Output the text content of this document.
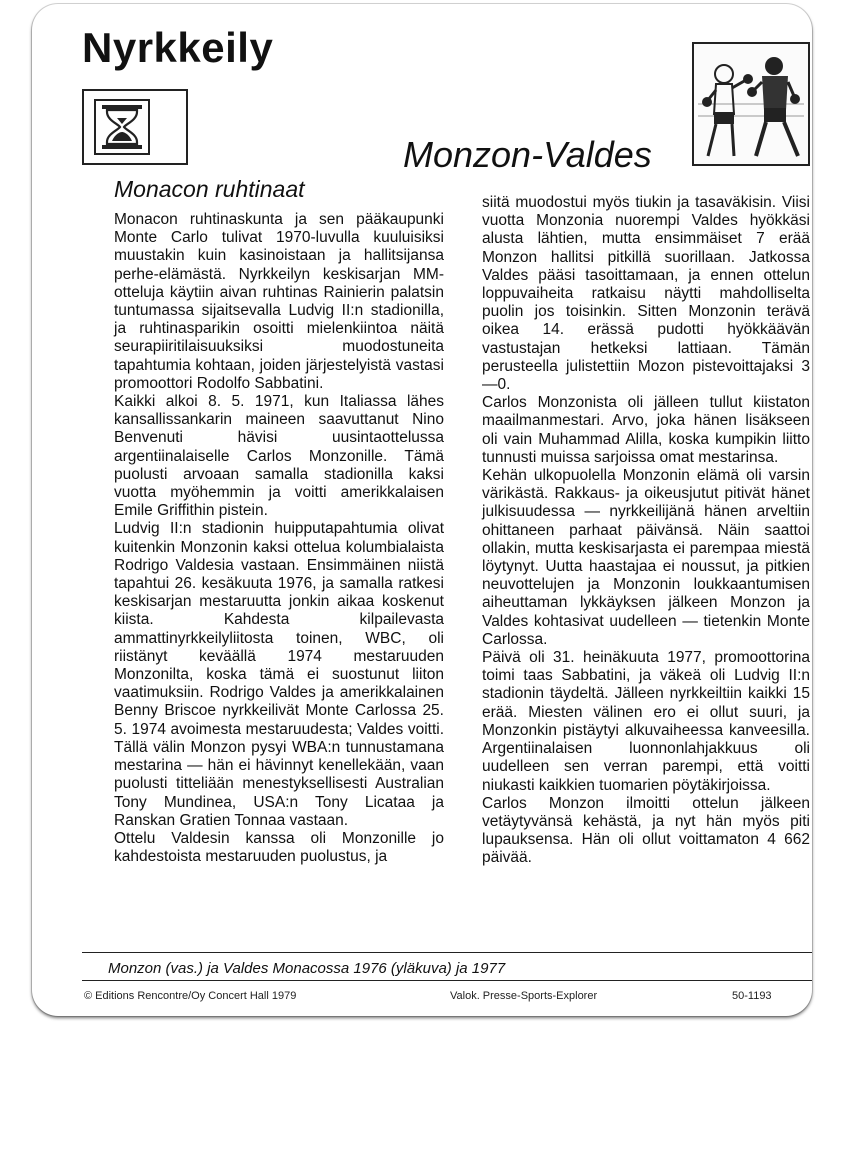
Nyrkkeily
Monzon-Valdes
Monacon ruhtinaat

Monacon ruhtinaskunta ja sen pääkaupunki Monte Carlo tulivat 1970-luvulla kuuluisiksi muustakin kuin kasinoistaan ja hallitsijansa perhe-elämästä. Nyrkkeilyn keskisarjan MM-otteluja käytiin aivan ruhtinas Rainierin palatsin tuntumassa sijaitsevalla Ludvig II:n stadionilla, ja ruhtinasparikin osoitti mielenkiintoa näitä seurapiiritilaisuuksiksi muodostuneita tapahtumia kohtaan, joiden järjestelyistä vastasi promoottori Rodolfo Sabbatini.

Kaikki alkoi 8. 5. 1971, kun Italiassa lähes kansallissankarin maineen saavuttanut Nino Benvenuti hävisi uusintaottelussa argentiinalaiselle Carlos Monzonille. Tämä puolusti arvoaan samalla stadionilla kaksi vuotta myöhemmin ja voitti amerikkalaisen Emile Griffithin pistein.

Ludvig II:n stadionin huipputapahtumia olivat kuitenkin Monzonin kaksi ottelua kolumbialaista Rodrigo Valdesia vastaan. Ensimmäinen niistä tapahtui 26. kesäkuuta 1976, ja samalla ratkesi keskisarjan mestaruutta jonkin aikaa koskenut kiista. Kahdesta kilpailevasta ammattinyrkkeilyliitosta toinen, WBC, oli riistänyt keväällä 1974 mestaruuden Monzonilta, koska tämä ei suostunut liiton vaatimuksiin. Rodrigo Valdes ja amerikkalainen Benny Briscoe nyrkkeilivät Monte Carlossa 25. 5. 1974 avoimesta mestaruudesta; Valdes voitti. Tällä välin Monzon pysyi WBA:n tunnustamana mestarina — hän ei hävinnyt kenellekään, vaan puolusti titteliään menestyksellisesti Australian Tony Mundinea, USA:n Tony Licataa ja Ranskan Gratien Tonnaa vastaan.

Ottelu Valdesin kanssa oli Monzonille jo kahdestoista mestaruuden puolustus, ja

siitä muodostui myös tiukin ja tasaväkisin. Viisi vuotta Monzonia nuorempi Valdes hyökkäsi alusta lähtien, mutta ensimmäiset 7 erää Monzon hallitsi pitkillä suorillaan. Jatkossa Valdes pääsi tasoittamaan, ja ennen ottelun loppuvaiheita ratkaisu näytti mahdolliselta puolin jos toisinkin. Sitten Monzonin terävä oikea 14. erässä pudotti hyökkäävän vastustajan hetkeksi lattiaan. Tämän perusteella julistettiin Mozon pistevoittajaksi 3—0.

Carlos Monzonista oli jälleen tullut kiistaton maailmanmestari. Arvo, joka hänen lisäkseen oli vain Muhammad Alilla, koska kumpikin liitto tunnusti muissa sarjoissa omat mestarinsa.

Kehän ulkopuolella Monzonin elämä oli varsin värikästä. Rakkaus- ja oikeusjutut pitivät hänet julkisuudessa — nyrkkeilijänä hänen arveltiin ohittaneen parhaat päivänsä. Näin saattoi ollakin, mutta keskisarjasta ei parempaa miestä löytynyt. Uutta haastajaa ei noussut, ja pitkien neuvottelujen ja Monzonin loukkaantumisen aiheuttaman lykkäyksen jälkeen Monzon ja Valdes kohtasivat uudelleen — tietenkin Monte Carlossa.

Päivä oli 31. heinäkuuta 1977, promoottorina toimi taas Sabbatini, ja väkeä oli Ludvig II:n stadionin täydeltä. Jälleen nyrkkeiltiin kaikki 15 erää. Miesten välinen ero ei ollut suuri, ja Monzonkin pistäytyi alkuvaiheessa kanveesilla. Argentiinalaisen luonnonlahjakkuus oli uudelleen sen verran parempi, että voitti niukasti kaikkien tuomarien pöytäkirjoissa.

Carlos Monzon ilmoitti ottelun jälkeen vetäytyvänsä kehästä, ja nyt hän myös piti lupauksensa. Hän oli ollut voittamaton 4 662 päivää.

Monzon (vas.) ja Valdes Monacossa 1976 (yläkuva) ja 1977

© Editions Rencontre/Oy Concert Hall 1979	Valok. Presse-Sports-Explorer	50-1193
